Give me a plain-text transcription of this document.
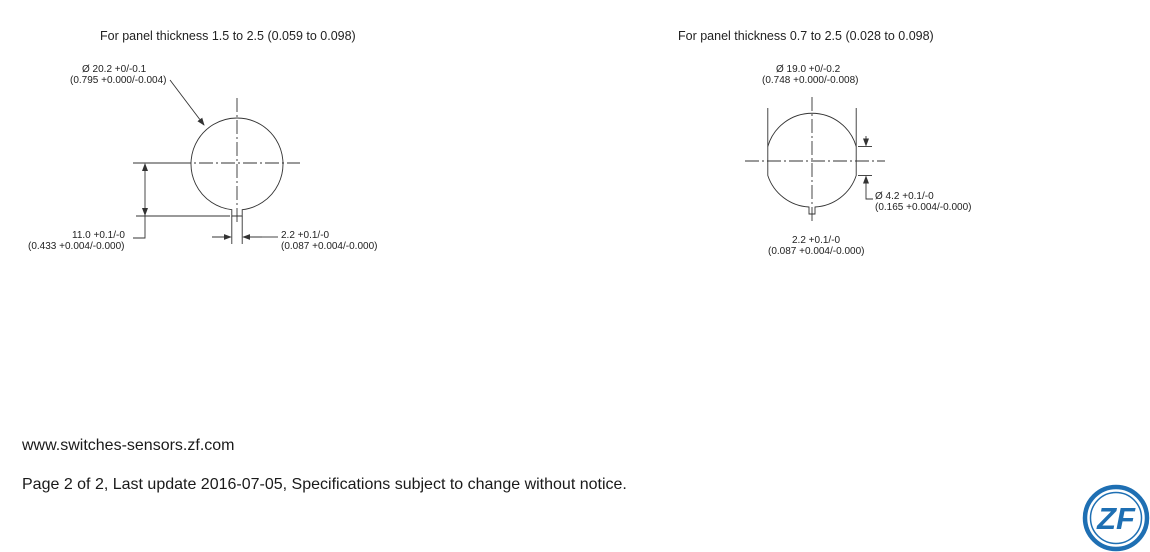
For panel thickness 1.5 to 2.5 (0.059 to 0.098)
Ø 20.2 +0/-0.1
(0.795 +0.000/-0.004)
11.0 +0.1/-0
(0.433 +0.004/-0.000)
2.2 +0.1/-0
(0.087 +0.004/-0.000)
For panel thickness 0.7 to 2.5 (0.028 to 0.098)
Ø 19.0 +0/-0.2
(0.748 +0.000/-0.008)
Ø 4.2 +0.1/-0
(0.165 +0.004/-0.000)
2.2 +0.1/-0
(0.087 +0.004/-0.000)
www.switches-sensors.zf.com
Page 2 of 2, Last update 2016-07-05, Specifications subject to change without notice.
ZF
